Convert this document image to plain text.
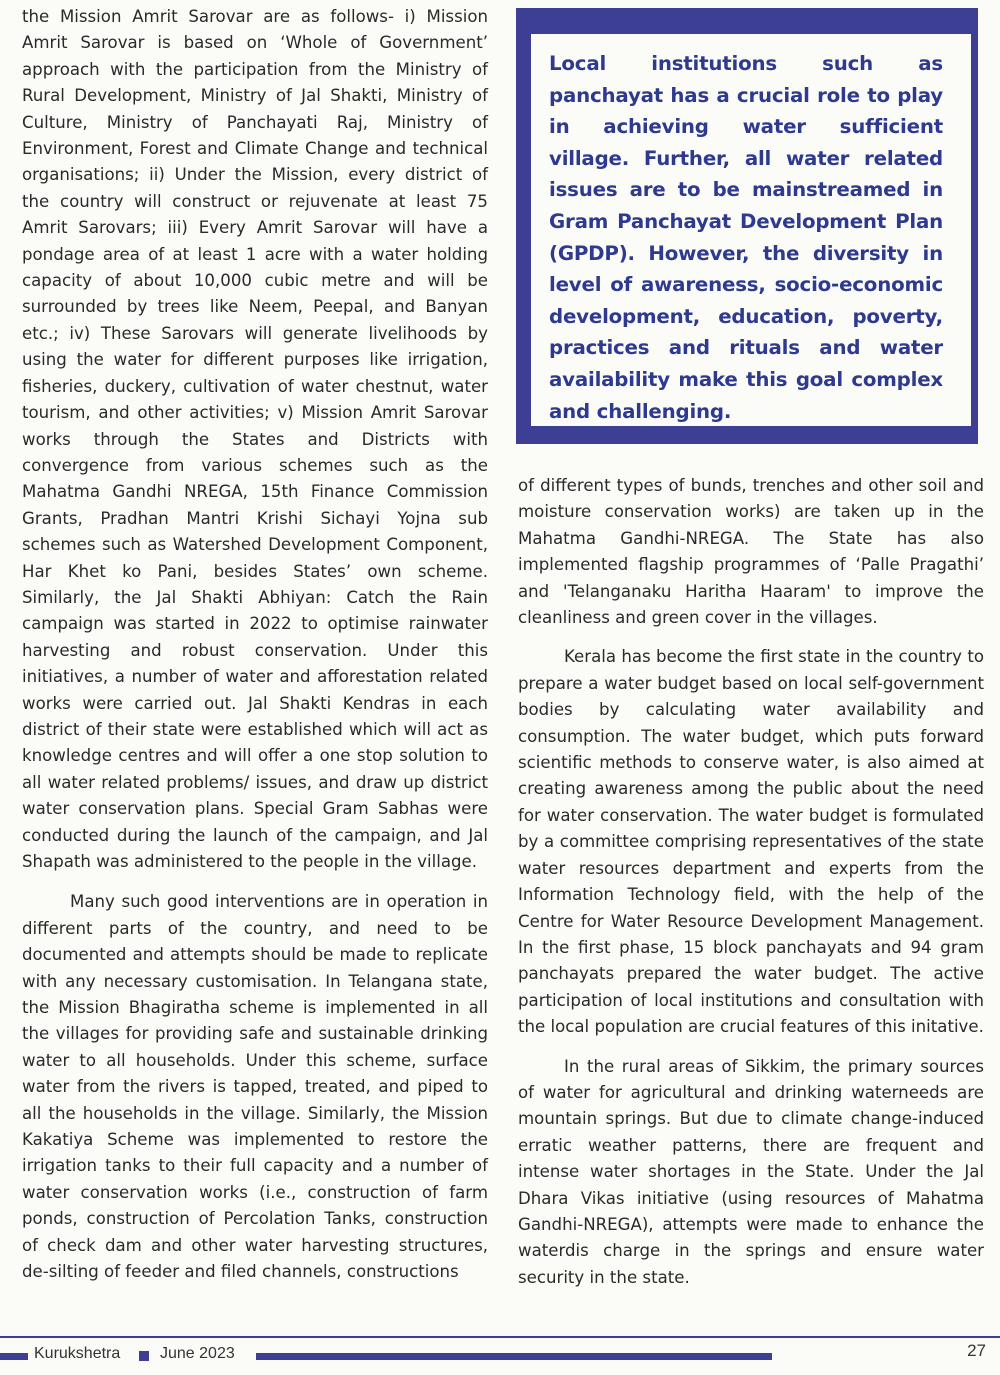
the Mission Amrit Sarovar are as follows- i) Mission Amrit Sarovar is based on ‘Whole of Government’ approach with the participation from the Ministry of Rural Development, Ministry of Jal Shakti, Ministry of Culture, Ministry of Panchayati Raj, Ministry of Environment, Forest and Climate Change and technical organisations; ii) Under the Mission, every district of the country will construct or rejuvenate at least 75 Amrit Sarovars; iii) Every Amrit Sarovar will have a pondage area of at least 1 acre with a water holding capacity of about 10,000 cubic metre and will be surrounded by trees like Neem, Peepal, and Banyan etc.; iv) These Sarovars will generate livelihoods by using the water for different purposes like irrigation, fisheries, duckery, cultivation of water chestnut, water tourism, and other activities; v) Mission Amrit Sarovar works through the States and Districts with convergence from various schemes such as the Mahatma Gandhi NREGA, 15th Finance Commission Grants, Pradhan Mantri Krishi Sichayi Yojna sub schemes such as Watershed Development Component, Har Khet ko Pani, besides States’ own scheme. Similarly, the Jal Shakti Abhiyan: Catch the Rain campaign was started in 2022 to optimise rainwater harvesting and robust conservation. Under this initiatives, a number of water and afforestation related works were carried out. Jal Shakti Kendras in each district of their state were established which will act as knowledge centres and will offer a one stop solution to all water related problems/ issues, and draw up district water conservation plans. Special Gram Sabhas were conducted during the launch of the campaign, and Jal Shapath was administered to the people in the village.

Many such good interventions are in operation in different parts of the country, and need to be documented and attempts should be made to replicate with any necessary customisation. In Telangana state, the Mission Bhagiratha scheme is implemented in all the villages for providing safe and sustainable drinking water to all households. Under this scheme, surface water from the rivers is tapped, treated, and piped to all the households in the village. Similarly, the Mission Kakatiya Scheme was implemented to restore the irrigation tanks to their full capacity and a number of water conservation works (i.e., construction of farm ponds, construction of Percolation Tanks, construction of check dam and other water harvesting structures, de-silting of feeder and filed channels, constructions

Local institutions such as panchayat has a crucial role to play in achieving water sufficient village. Further, all water related issues are to be mainstreamed in Gram Panchayat Development Plan (GPDP). However, the diversity in level of awareness, socio-economic development, education, poverty, practices and rituals and water availability make this goal complex and challenging.

of different types of bunds, trenches and other soil and moisture conservation works) are taken up in the Mahatma Gandhi-NREGA. The State has also implemented flagship programmes of ‘Palle Pragathi’ and 'Telanganaku Haritha Haaram' to improve the cleanliness and green cover in the villages.

Kerala has become the first state in the country to prepare a water budget based on local self-government bodies by calculating water availability and consumption. The water budget, which puts forward scientific methods to conserve water, is also aimed at creating awareness among the public about the need for water conservation. The water budget is formulated by a committee comprising representatives of the state water resources department and experts from the Information Technology field, with the help of the Centre for Water Resource Development Management. In the first phase, 15 block panchayats and 94 gram panchayats prepared the water budget. The active participation of local institutions and consultation with the local population are crucial features of this initative.

In the rural areas of Sikkim, the primary sources of water for agricultural and drinking waterneeds are mountain springs. But due to climate change-induced erratic weather patterns, there are frequent and intense water shortages in the State. Under the Jal Dhara Vikas initiative (using resources of Mahatma Gandhi-NREGA), attempts were made to enhance the waterdis charge in the springs and ensure water security in the state.

Kurukshetra June 2023	27
